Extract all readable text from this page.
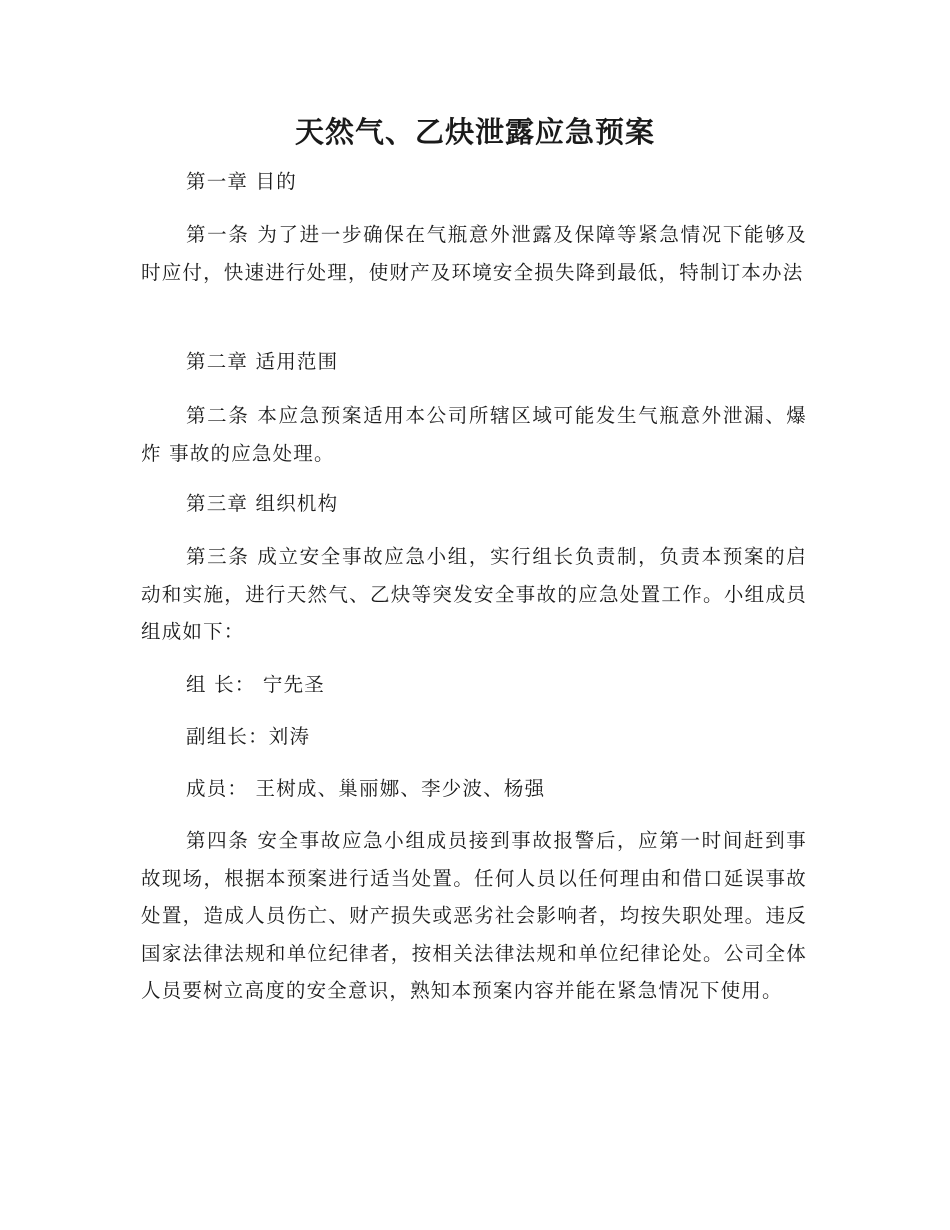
天然气、乙炔泄露应急预案

第一章 目的

第一条 为了进一步确保在气瓶意外泄露及保障等紧急情况下能够及时应付，快速进行处理，使财产及环境安全损失降到最低，特制订本办法

第二章 适用范围

第二条 本应急预案适用本公司所辖区域可能发生气瓶意外泄漏、爆炸 事故的应急处理。

第三章 组织机构

第三条 成立安全事故应急小组，实行组长负责制，负责本预案的启动和实施，进行天然气、乙炔等突发安全事故的应急处置工作。小组成员组成如下：

组 长： 宁先圣

副组长：刘涛

成员： 王树成、巢丽娜、李少波、杨强

第四条 安全事故应急小组成员接到事故报警后，应第一时间赶到事故现场，根据本预案进行适当处置。任何人员以任何理由和借口延误事故处置，造成人员伤亡、财产损失或恶劣社会影响者，均按失职处理。违反国家法律法规和单位纪律者，按相关法律法规和单位纪律论处。公司全体人员要树立高度的安全意识，熟知本预案内容并能在紧急情况下使用。
